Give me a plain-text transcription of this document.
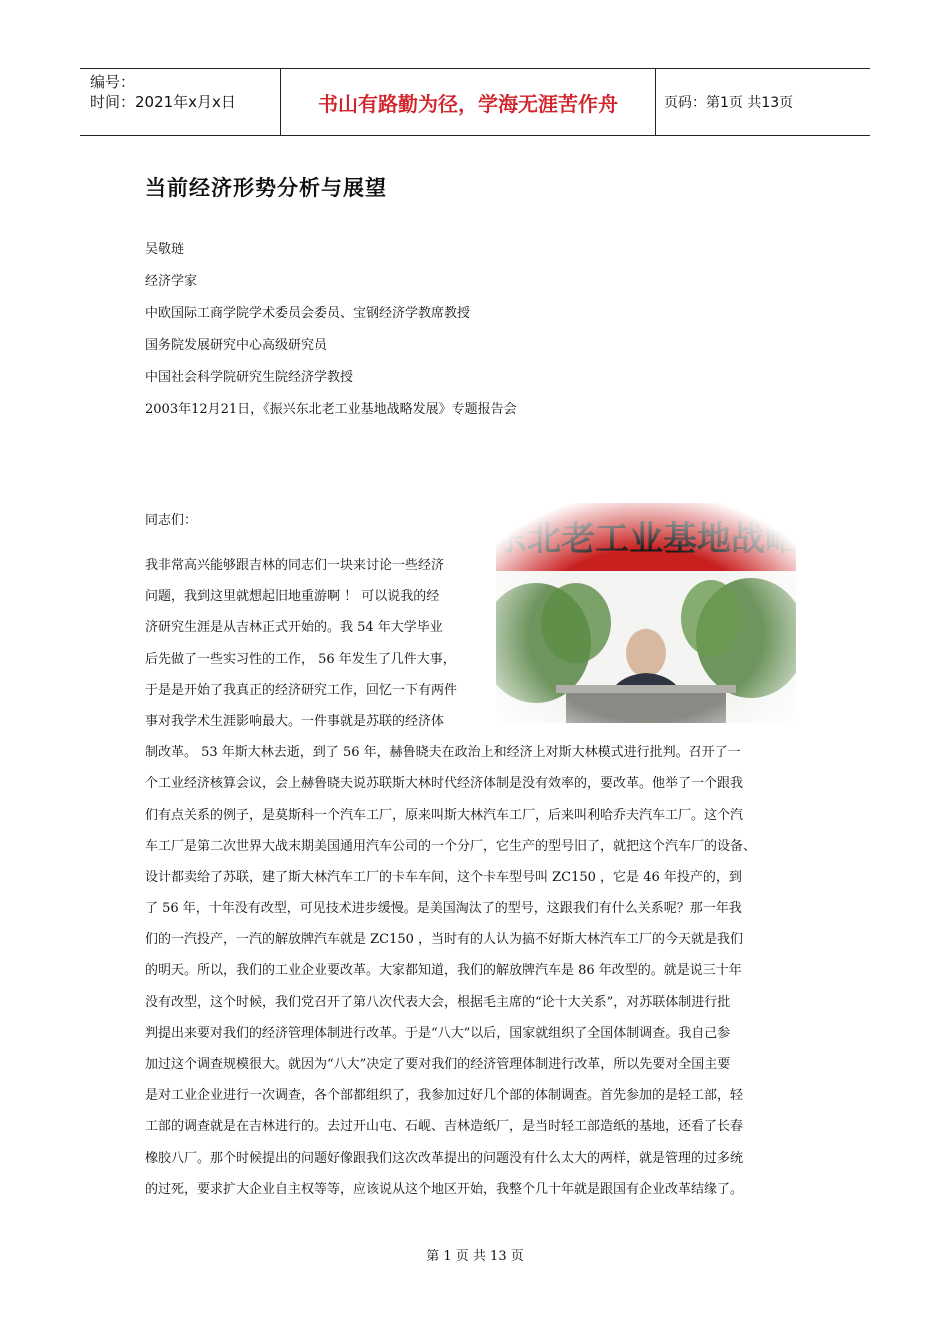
编号：
时间：2021年x月x日	书山有路勤为径，学海无涯苦作舟	页码：第1页 共13页
当前经济形势分析与展望
吴敬琏
经济学家
中欧国际工商学院学术委员会委员、宝钢经济学教席教授
国务院发展研究中心高级研究员
中国社会科学院研究生院经济学教授
2003年12月21日，《振兴东北老工业基地战略发展》专题报告会
同志们：
我非常高兴能够跟吉林的同志们一块来讨论一些经济
问题，我到这里就想起旧地重游啊 ！ 可以说我的经
济研究生涯是从吉林正式开始的。我 54 年大学毕业
后先做了一些实习性的工作， 56 年发生了几件大事，
于是是开始了我真正的经济研究工作，回忆一下有两件
事对我学术生涯影响最大。一件事就是苏联的经济体
制改革。 53 年斯大林去逝，到了 56 年，赫鲁晓夫在政治上和经济上对斯大林模式进行批判。召开了一
个工业经济核算会议，会上赫鲁晓夫说苏联斯大林时代经济体制是没有效率的，要改革。他举了一个跟我
们有点关系的例子，是莫斯科一个汽车工厂，原来叫斯大林汽车工厂，后来叫利哈乔夫汽车工厂。这个汽
车工厂是第二次世界大战末期美国通用汽车公司的一个分厂，它生产的型号旧了，就把这个汽车厂的设备、
设计都卖给了苏联，建了斯大林汽车工厂的卡车车间，这个卡车型号叫 ZC150 ，它是 46 年投产的，到
了 56 年，十年没有改型，可见技术进步缓慢。是美国淘汰了的型号，这跟我们有什么关系呢？那一年我
们的一汽投产，一汽的解放牌汽车就是 ZC150 ，当时有的人认为搞不好斯大林汽车工厂的今天就是我们
的明天。所以，我们的工业企业要改革。大家都知道，我们的解放牌汽车是 86 年改型的。就是说三十年
没有改型，这个时候，我们党召开了第八次代表大会，根据毛主席的“论十大关系”，对苏联体制进行批
判提出来要对我们的经济管理体制进行改革。于是“八大”以后，国家就组织了全国体制调查。我自己参
加过这个调查规模很大。就因为“八大”决定了要对我们的经济管理体制进行改革，所以先要对全国主要
是对工业企业进行一次调查，各个部都组织了，我参加过好几个部的体制调查。首先参加的是轻工部，轻
工部的调查就是在吉林进行的。去过开山屯、石岘、吉林造纸厂，是当时轻工部造纸的基地，还看了长春
橡胶八厂。那个时候提出的问题好像跟我们这次改革提出的问题没有什么太大的两样，就是管理的过多统
的过死，要求扩大企业自主权等等，应该说从这个地区开始，我整个几十年就是跟国有企业改革结缘了。
第 1 页 共 13 页
